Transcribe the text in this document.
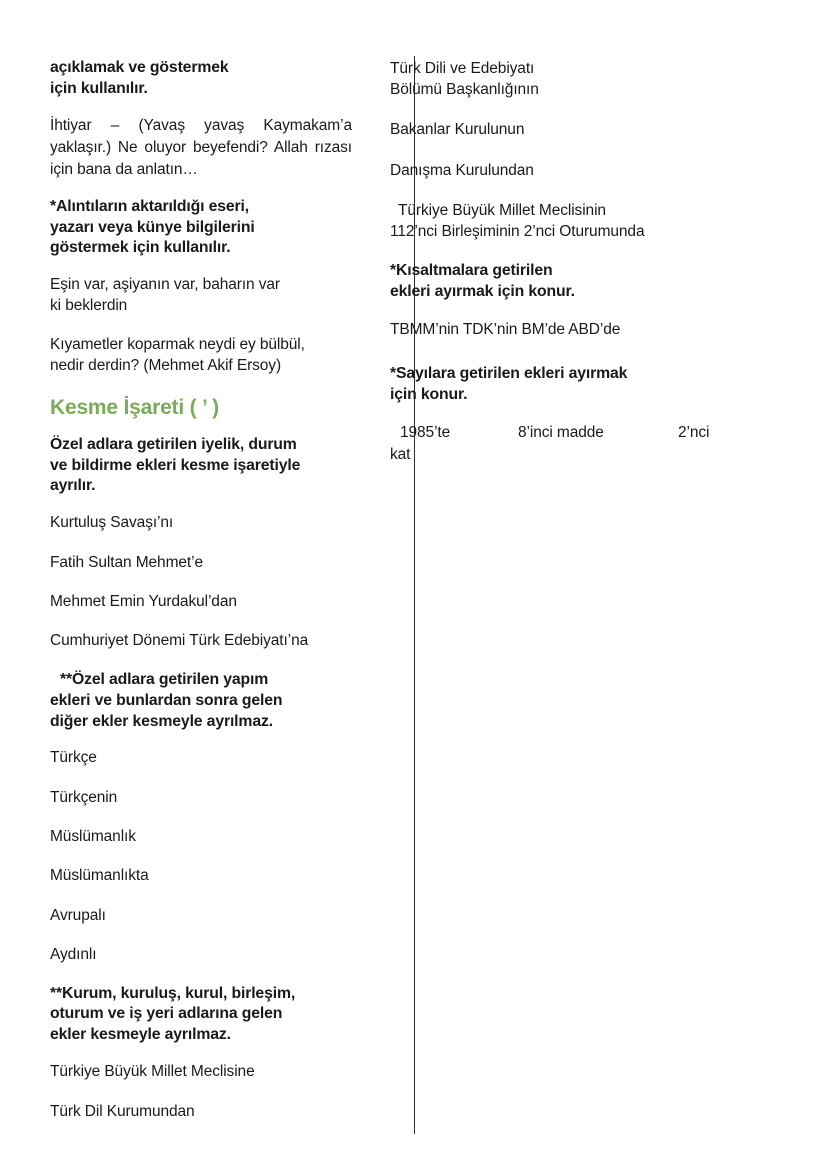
açıklamak ve göstermek
için kullanılır.

İhtiyar – (Yavaş yavaş Kaymakam’a yaklaşır.) Ne oluyor beyefendi? Allah rızası için bana da anlatın…

*Alıntıların aktarıldığı eseri,
yazarı veya künye bilgilerini
göstermek için kullanılır.

Eşin var, aşiyanın var, baharın var
ki beklerdin

Kıyametler koparmak neydi ey bülbül,
nedir derdin? (Mehmet Akif Ersoy)

Kesme İşareti ( ’ )

Özel adlara getirilen iyelik, durum
ve bildirme ekleri kesme işaretiyle
ayrılır.

Kurtuluş Savaşı’nı

Fatih Sultan Mehmet’e

Mehmet Emin Yurdakul’dan

Cumhuriyet Dönemi Türk Edebiyatı’na

**Özel adlara getirilen yapım
ekleri ve bunlardan sonra gelen
diğer ekler kesmeyle ayrılmaz.

Türkçe

Türkçenin

Müslümanlık

Müslümanlıkta

Avrupalı

Aydınlı

**Kurum, kuruluş, kurul, birleşim,
oturum ve iş yeri adlarına gelen
ekler kesmeyle ayrılmaz.

Türkiye Büyük Millet Meclisine

Türk Dil Kurumundan

Türk Dili ve Edebiyatı
Bölümü Başkanlığının

Bakanlar Kurulunun

Danışma Kurulundan

Türkiye Büyük Millet Meclisinin
112’nci Birleşiminin 2’nci Oturumunda

*Kısaltmalara getirilen
ekleri ayırmak için konur.

TBMM’nin TDK’nin BM’de ABD’de

*Sayılara getirilen ekleri ayırmak
için konur.

1985’te	8’inci madde	2’nci
kat
